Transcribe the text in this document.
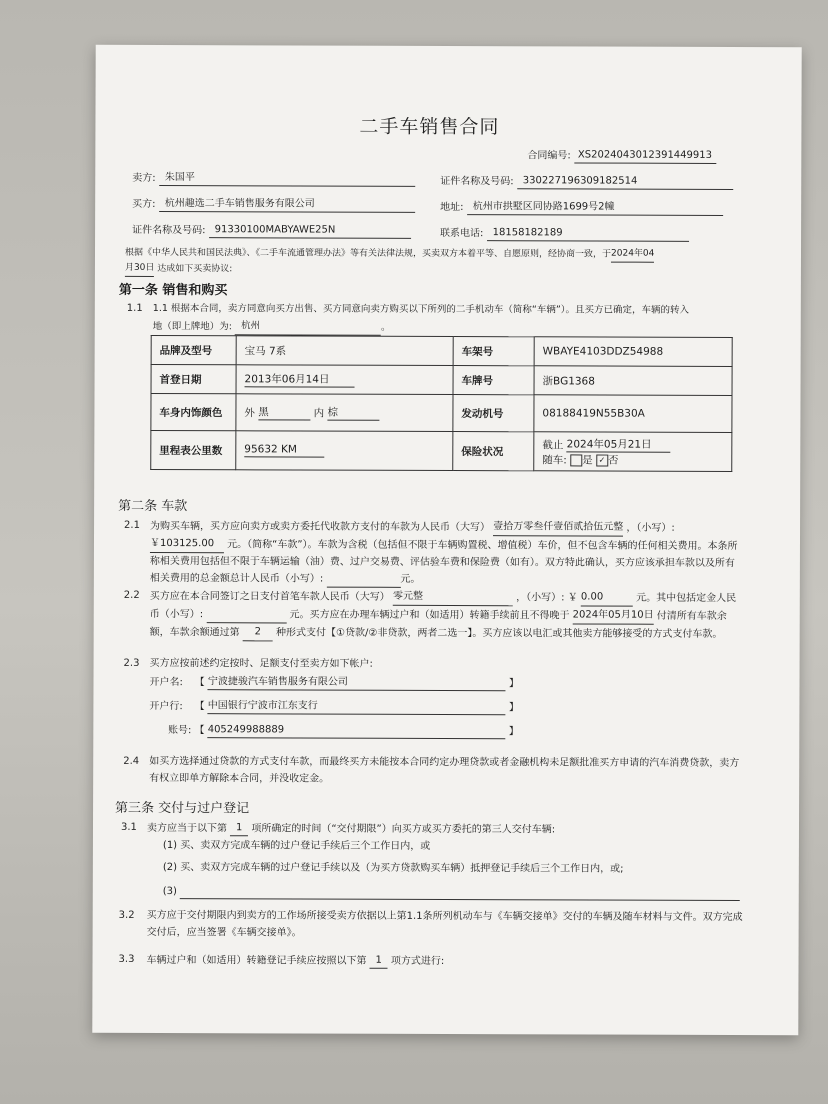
二手车销售合同
合同编号: XS2024043012391449913
卖方: 朱国平	证件名称及号码: 330227196309182514
买方: 杭州趣选二手车销售服务有限公司	地址: 杭州市拱墅区同协路1699号2幢
证件名称及号码: 91330100MABYAWE25N	联系电话: 18158182189
根据《中华人民共和国民法典》、《二手车流通管理办法》等有关法律法规，买卖双方本着平等、自愿原则，经协商一致，于2024年04
月30日 达成如下买卖协议:
第一条 销售和购买
1.1 1.1 根据本合同，卖方同意向买方出售、买方同意向卖方购买以下所列的二手机动车（简称“车辆”）。且买方已确定，车辆的转入
地（即上牌地）为: 杭州	。
品牌及型号	宝马 7系	车架号	WBAYE4103DDZ54988
首登日期	2013年06月14日	车牌号	浙BG1368
车身内饰颜色	外 黑 内 棕	发动机号	08188419N55B30A
里程表公里数	95632 KM	保险状况	截止 2024年05月21日
随车: 是 ✓ 否
第二条 车款
2.1 为购买车辆，买方应向卖方或卖方委托代收款方支付的车款为人民币（大写） 壹拾万零叁仟壹佰贰拾伍元整 ，（小写）: ￥103125.00 元。（简称“车款”）。车款为含税（包括但不限于车辆购置税、增值税）车价，但不包含车辆的任何相关费用。本条所称相关费用包括但不限于车辆运输（油）费、过户交易费、评估验车费和保险费（如有）。双方特此确认，买方应该承担车款以及所有相关费用的总金额总计人民币（小写）:	元。
2.2 买方应在本合同签订之日支付首笔车款人民币（大写） 零元整	，（小写）: ￥ 0.00	元。其中包括定金人民币（小写）:	元。买方应在办理车辆过户和（如适用）转籍手续前且不得晚于 2024年05月10日 付清所有车款余额，车款余额通过第 2 种形式支付【①贷款/②非贷款，两者二选一】。买方应该以电汇或其他卖方能够接受的方式支付车款。
2.3 买方应按前述约定按时、足额支付至卖方如下帐户:
开户名: 【 宁波捷骏汽车销售服务有限公司	】
开户行: 【 中国银行宁波市江东支行	】
账号: 【 405249988889	】
2.4 如买方选择通过贷款的方式支付车款，而最终买方未能按本合同约定办理贷款或者金融机构未足额批准买方申请的汽车消费贷款，卖方有权立即单方解除本合同，并没收定金。
第三条 交付与过户登记
3.1 卖方应当于以下第 1 项所确定的时间（“交付期限”）向买方或买方委托的第三人交付车辆:
(1) 买、卖双方完成车辆的过户登记手续后三个工作日内，或
(2) 买、卖双方完成车辆的过户登记手续以及（为买方贷款购买车辆）抵押登记手续后三个工作日内，或;
(3)
3.2 买方应于交付期限内到卖方的工作场所接受卖方依据以上第1.1条所列机动车与《车辆交接单》交付的车辆及随车材料与文件。双方完成交付后，应当签署《车辆交接单》。
3.3 车辆过户和（如适用）转籍登记手续应按照以下第 1 项方式进行:
